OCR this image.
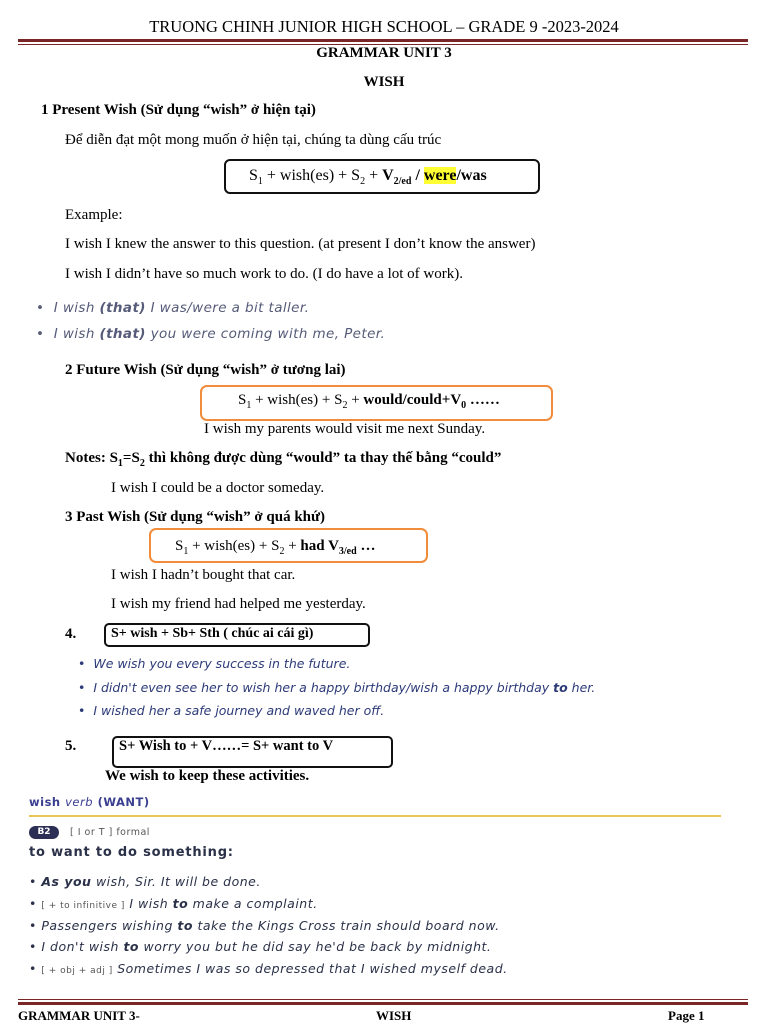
TRUONG CHINH JUNIOR HIGH SCHOOL – GRADE 9 -2023-2024
GRAMMAR UNIT 3
WISH
1 Present Wish (Sử dụng “wish” ở hiện tại)
Để diễn đạt một mong muốn ở hiện tại, chúng ta dùng cấu trúc
$S_1$ + wish(es) + $S_2 + V_{2/ed}$ / were/was
Example:
I wish I knew the answer to this question. (at present I don’t know the answer)
I wish I didn’t have so much work to do. (I do have a lot of work).
•  I wish (that) I was/were a bit taller.
•  I wish (that) you were coming with me, Peter.
2 Future Wish (Sử dụng “wish” ở tương lai)
$S_1$ + wish(es) + $S_2$ + would/$could+V_0$ ……
I wish my parents would visit me next Sunday.
Notes: $S_1=S_2$ thì không được dùng “would” ta thay thế bằng “could”
I wish I could be a doctor someday.
3 Past Wish (Sử dụng “wish” ở quá khứ)
$S_1$ + wish(es) + $S_2$ + had $V_{3/ed}$ …
I wish I hadn’t bought that car.
I wish my friend had helped me yesterday.
4. S+ wish + Sb+ Sth ( chúc ai cái gì)
•  We wish you every success in the future.
•  I didn't even see her to wish her a happy birthday/wish a happy birthday to her.
•  I wished her a safe journey and waved her off.
5.	S+ Wish to + V……= S+ want to V
We wish to keep these activities.
wish verb (WANT)
B2	[ I or T ] formal
to want to do something:
• As you wish, Sir. It will be done.
• [ + to infinitive ] I wish to make a complaint.
• Passengers wishing to take the Kings Cross train should board now.
• I don't wish to worry you but he did say he'd be back by midnight.
• [ + obj + adj ] Sometimes I was so depressed that I wished myself dead.
GRAMMAR UNIT 3-	WISH	Page 1
